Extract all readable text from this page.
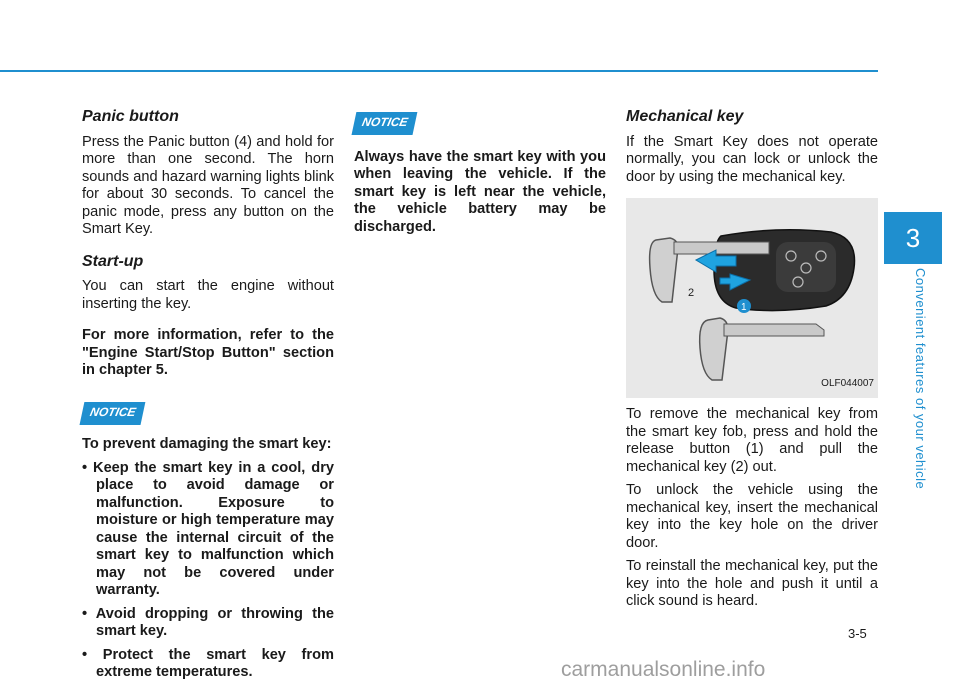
3
Convenient features of your vehicle
Panic button

Press the Panic button (4) and hold for more than one second. The horn sounds and hazard warning lights blink for about 30 seconds. To cancel the panic mode, press any button on the Smart Key.

Start-up

You can start the engine without inserting the key.

For more information, refer to the "Engine Start/Stop Button" section in chapter 5.

NOTICE

To prevent damaging the smart key:

• Keep the smart key in a cool, dry place to avoid damage or malfunction. Exposure to moisture or high temperature may cause the internal circuit of the smart key to malfunction which may not be covered under warranty.
• Avoid dropping or throwing the smart key.
• Protect the smart key from extreme temperatures.
NOTICE

Always have the smart key with you when leaving the vehicle. If the smart key is left near the vehicle, the vehicle battery may be discharged.

Mechanical key

If the Smart Key does not operate normally, you can lock or unlock the door by using the mechanical key.

2
1
OLF044007

To remove the mechanical key from the smart key fob, press and hold the release button (1) and pull the mechanical key (2) out.

To unlock the vehicle using the mechanical key, insert the mechanical key into the key hole on the driver door.

To reinstall the mechanical key, put the key into the hole and push it until a click sound is heard.

3-5
carmanualsonline.info
